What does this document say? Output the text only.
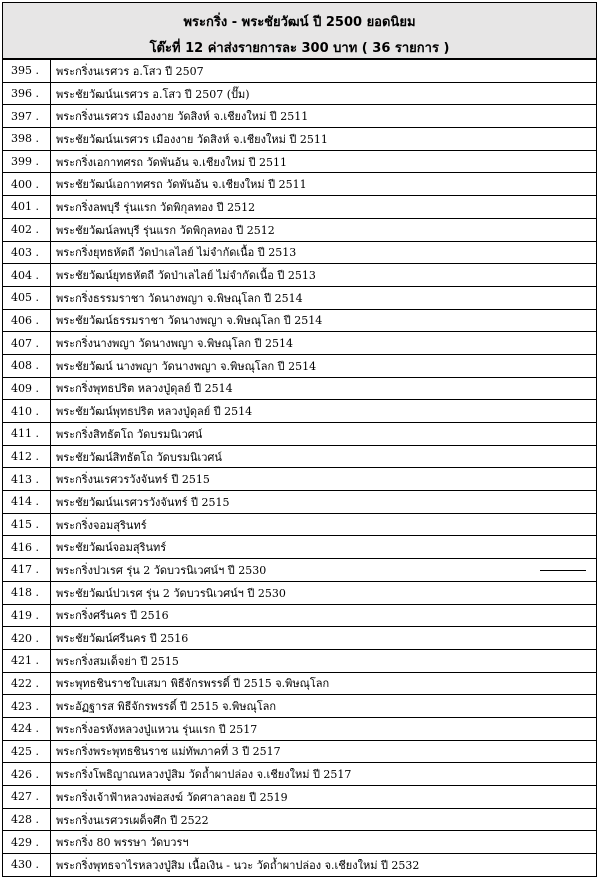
พระกริ่ง - พระชัยวัฒน์ ปี 2500 ยอดนิยม
โต๊ะที่ 12 ค่าส่งรายการละ 300 บาท ( 36 รายการ )
395 .	พระกริ่งนเรศวร อ.โสว ปี 2507
396 .	พระชัยวัฒน์นเรศวร อ.โสว ปี 2507 (ปั๊ม)
397 .	พระกริ่งนเรศวร เมืองงาย วัดสิงห์ จ.เชียงใหม่ ปี 2511
398 .	พระชัยวัฒน์นเรศวร เมืองงาย วัดสิงห์ จ.เชียงใหม่ ปี 2511
399 .	พระกริ่งเอกาทศรถ วัดพันอ้น จ.เชียงใหม่ ปี 2511
400 .	พระชัยวัฒน์เอกาทศรถ วัดพันอ้น จ.เชียงใหม่ ปี 2511
401 .	พระกริ่งลพบุรี รุ่นแรก วัดพิกุลทอง ปี 2512
402 .	พระชัยวัฒน์ลพบุรี รุ่นแรก วัดพิกุลทอง ปี 2512
403 .	พระกริ่งยุทธหัตถี วัดป่าเลไลย์ ไม่จำกัดเนื้อ ปี 2513
404 .	พระชัยวัฒน์ยุทธหัตถี วัดป่าเลไลย์ ไม่จำกัดเนื้อ ปี 2513
405 .	พระกริ่งธรรมราชา วัดนางพญา จ.พิษณุโลก ปี 2514
406 .	พระชัยวัฒน์ธรรมราชา วัดนางพญา จ.พิษณุโลก ปี 2514
407 .	พระกริ่งนางพญา วัดนางพญา จ.พิษณุโลก ปี 2514
408 .	พระชัยวัฒน์ นางพญา วัดนางพญา จ.พิษณุโลก ปี 2514
409 .	พระกริ่งพุทธปริต หลวงปู่ดุลย์ ปี 2514
410 .	พระชัยวัฒน์พุทธปริต หลวงปู่ดุลย์ ปี 2514
411 .	พระกริ่งสิทธัตโถ วัดบรมนิเวศน์
412 .	พระชัยวัฒน์สิทธัตโถ วัดบรมนิเวศน์
413 .	พระกริ่งนเรศวรวังจันทร์ ปี 2515
414 .	พระชัยวัฒน์นเรศวรวังจันทร์ ปี 2515
415 .	พระกริ่งจอมสุรินทร์
416 .	พระชัยวัฒน์จอมสุรินทร์
417 .	พระกริ่งปวเรศ รุ่น 2 วัดบวรนิเวศน์ฯ ปี 2530
418 .	พระชัยวัฒน์ปวเรศ รุ่น 2 วัดบวรนิเวศน์ฯ ปี 2530
419 .	พระกริ่งศรีนคร ปี 2516
420 .	พระชัยวัฒน์ศรีนคร ปี 2516
421 .	พระกริ่งสมเด็จย่า ปี 2515
422 .	พระพุทธชินราชใบเสมา พิธีจักรพรรดิ์ ปี 2515 จ.พิษณุโลก
423 .	พระอัฏฐารส พิธีจักรพรรดิ์ ปี 2515 จ.พิษณุโลก
424 .	พระกริ่งอรหังหลวงปู่แหวน รุ่นแรก ปี 2517
425 .	พระกริ่งพระพุทธชินราช แม่ทัพภาคที่ 3 ปี 2517
426 .	พระกริ่งโพธิญาณหลวงปู่สิม วัดถ้ำผาปล่อง จ.เชียงใหม่ ปี 2517
427 .	พระกริ่งเจ้าฟ้าหลวงพ่อสงฆ์ วัดศาลาลอย ปี 2519
428 .	พระกริ่งนเรศวรเผด็จศึก ปี 2522
429 .	พระกริ่ง 80 พรรษา วัดบวรฯ
430 .	พระกริ่งพุทธจาไรหลวงปู่สิม เนื้อเงิน - นวะ วัดถ้ำผาปล่อง จ.เชียงใหม่ ปี 2532
